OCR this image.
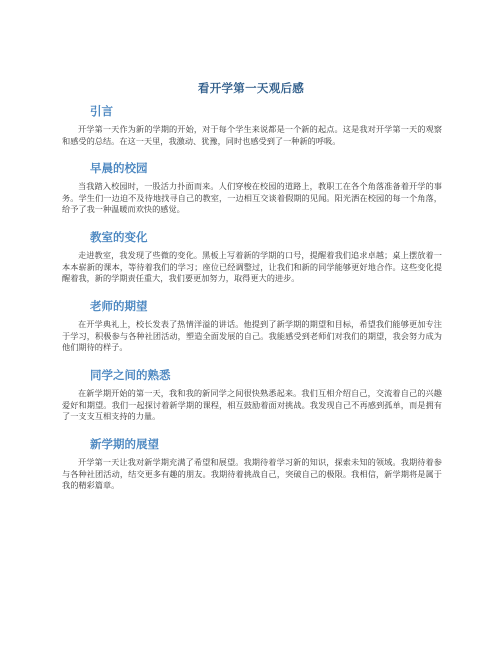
看开学第一天观后感
引言

开学第一天作为新的学期的开始，对于每个学生来说都是一个新的起点。这是我对开学第一天的观察和感受的总结。在这一天里，我激动、犹豫，同时也感受到了一种新的呼吸。

早晨的校园

当我踏入校园时，一股活力扑面而来。人们穿梭在校园的道路上，教职工在各个角落准备着开学的事务。学生们一边迫不及待地找寻自己的教室，一边相互交谈着假期的见闻。阳光洒在校园的每一个角落，给予了我一种温暖而欢快的感觉。

教室的变化

走进教室，我发现了些微的变化。黑板上写着新的学期的口号，提醒着我们追求卓越；桌上摆放着一本本崭新的课本，等待着我们的学习；座位已经调整过，让我们和新的同学能够更好地合作。这些变化提醒着我，新的学期责任重大，我们要更加努力，取得更大的进步。

老师的期望

在开学典礼上，校长发表了热情洋溢的讲话。他提到了新学期的期望和目标，希望我们能够更加专注于学习，积极参与各种社团活动，塑造全面发展的自己。我能感受到老师们对我们的期望，我会努力成为他们期待的样子。

同学之间的熟悉

在新学期开始的第一天，我和我的新同学之间很快熟悉起来。我们互相介绍自己，交流着自己的兴趣爱好和期望。我们一起探讨着新学期的课程，相互鼓励着面对挑战。我发现自己不再感到孤单，而是拥有了一支支互相支持的力量。

新学期的展望

开学第一天让我对新学期充满了希望和展望。我期待着学习新的知识，探索未知的领域。我期待着参与各种社团活动，结交更多有趣的朋友。我期待着挑战自己，突破自己的极限。我相信，新学期将是属于我的精彩篇章。
